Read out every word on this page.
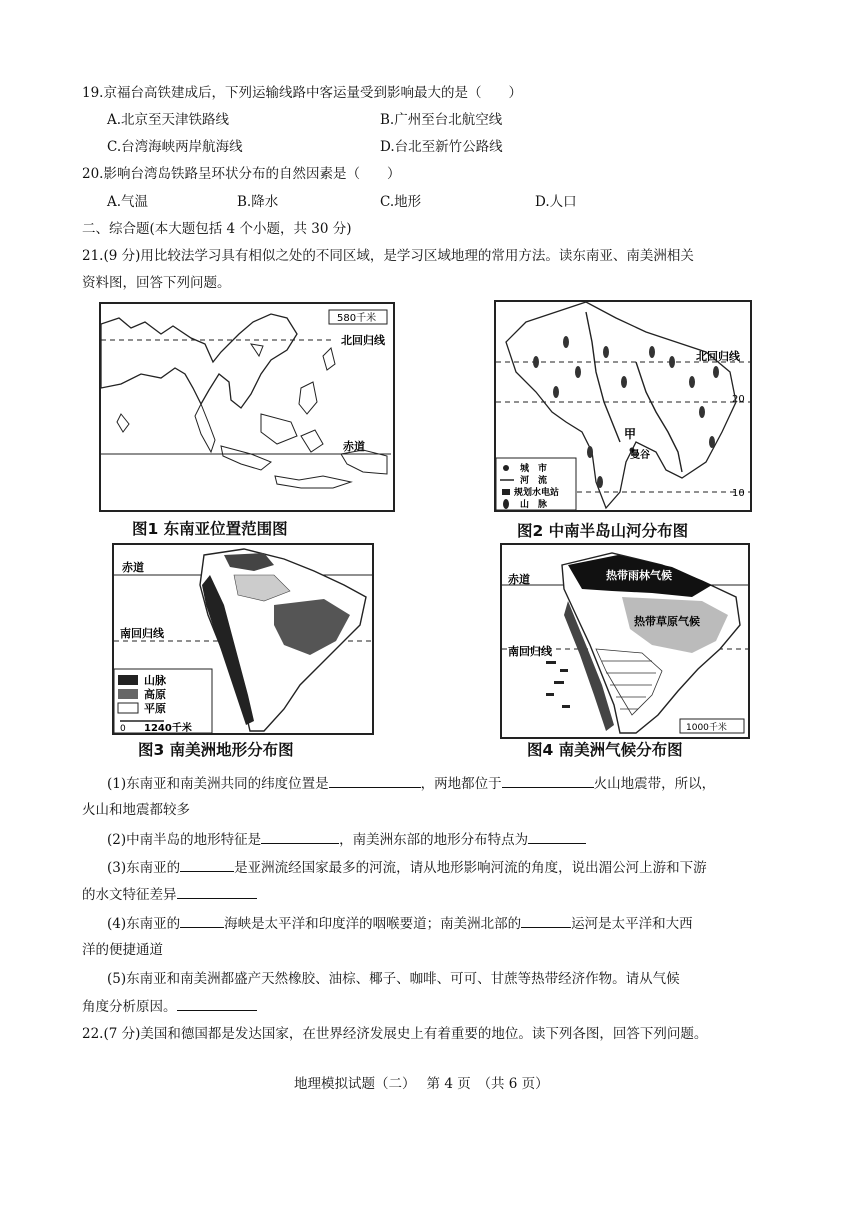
19.京福台高铁建成后，下列运输线路中客运量受到影响最大的是（　　）
A.北京至天津铁路线	B.广州至台北航空线
C.台湾海峡两岸航海线	D.台北至新竹公路线
20.影响台湾岛铁路呈环状分布的自然因素是（　　）
A.气温	B.降水	C.地形	D.人口
二、综合题(本大题包括 4 个小题，共 30 分)
21.(9 分)用比较法学习具有相似之处的不同区域，是学习区域地理的常用方法。读东南亚、南美洲相关
资料图，回答下列问题。
580千米
北回归线
赤道
图1 东南亚位置范围图
北回归线
20
10
甲
曼谷
城　市
河　流
规划水电站
山　脉
图2 中南半岛山河分布图
赤道
南回归线
山脉
高原
平原
0 1240千米
图3 南美洲地形分布图
赤道
南回归线
热带雨林气候
热带草原气候
1000千米
图4 南美洲气候分布图
(1)东南亚和南美洲共同的纬度位置是	，两地都位于	火山地震带，所以，
火山和地震都较多
(2)中南半岛的地形特征是	，南美洲东部的地形分布特点为
(3)东南亚的	是亚洲流经国家最多的河流，请从地形影响河流的角度，说出湄公河上游和下游
的水文特征差异
(4)东南亚的	海峡是太平洋和印度洋的咽喉要道；南美洲北部的	运河是太平洋和大西
洋的便捷通道
(5)东南亚和南美洲都盛产天然橡胶、油棕、椰子、咖啡、可可、甘蔗等热带经济作物。请从气候
角度分析原因。
22.(7 分)美国和德国都是发达国家，在世界经济发展史上有着重要的地位。读下列各图，回答下列问题。
地理模拟试题（二）　 第 4 页　（共 6 页）
